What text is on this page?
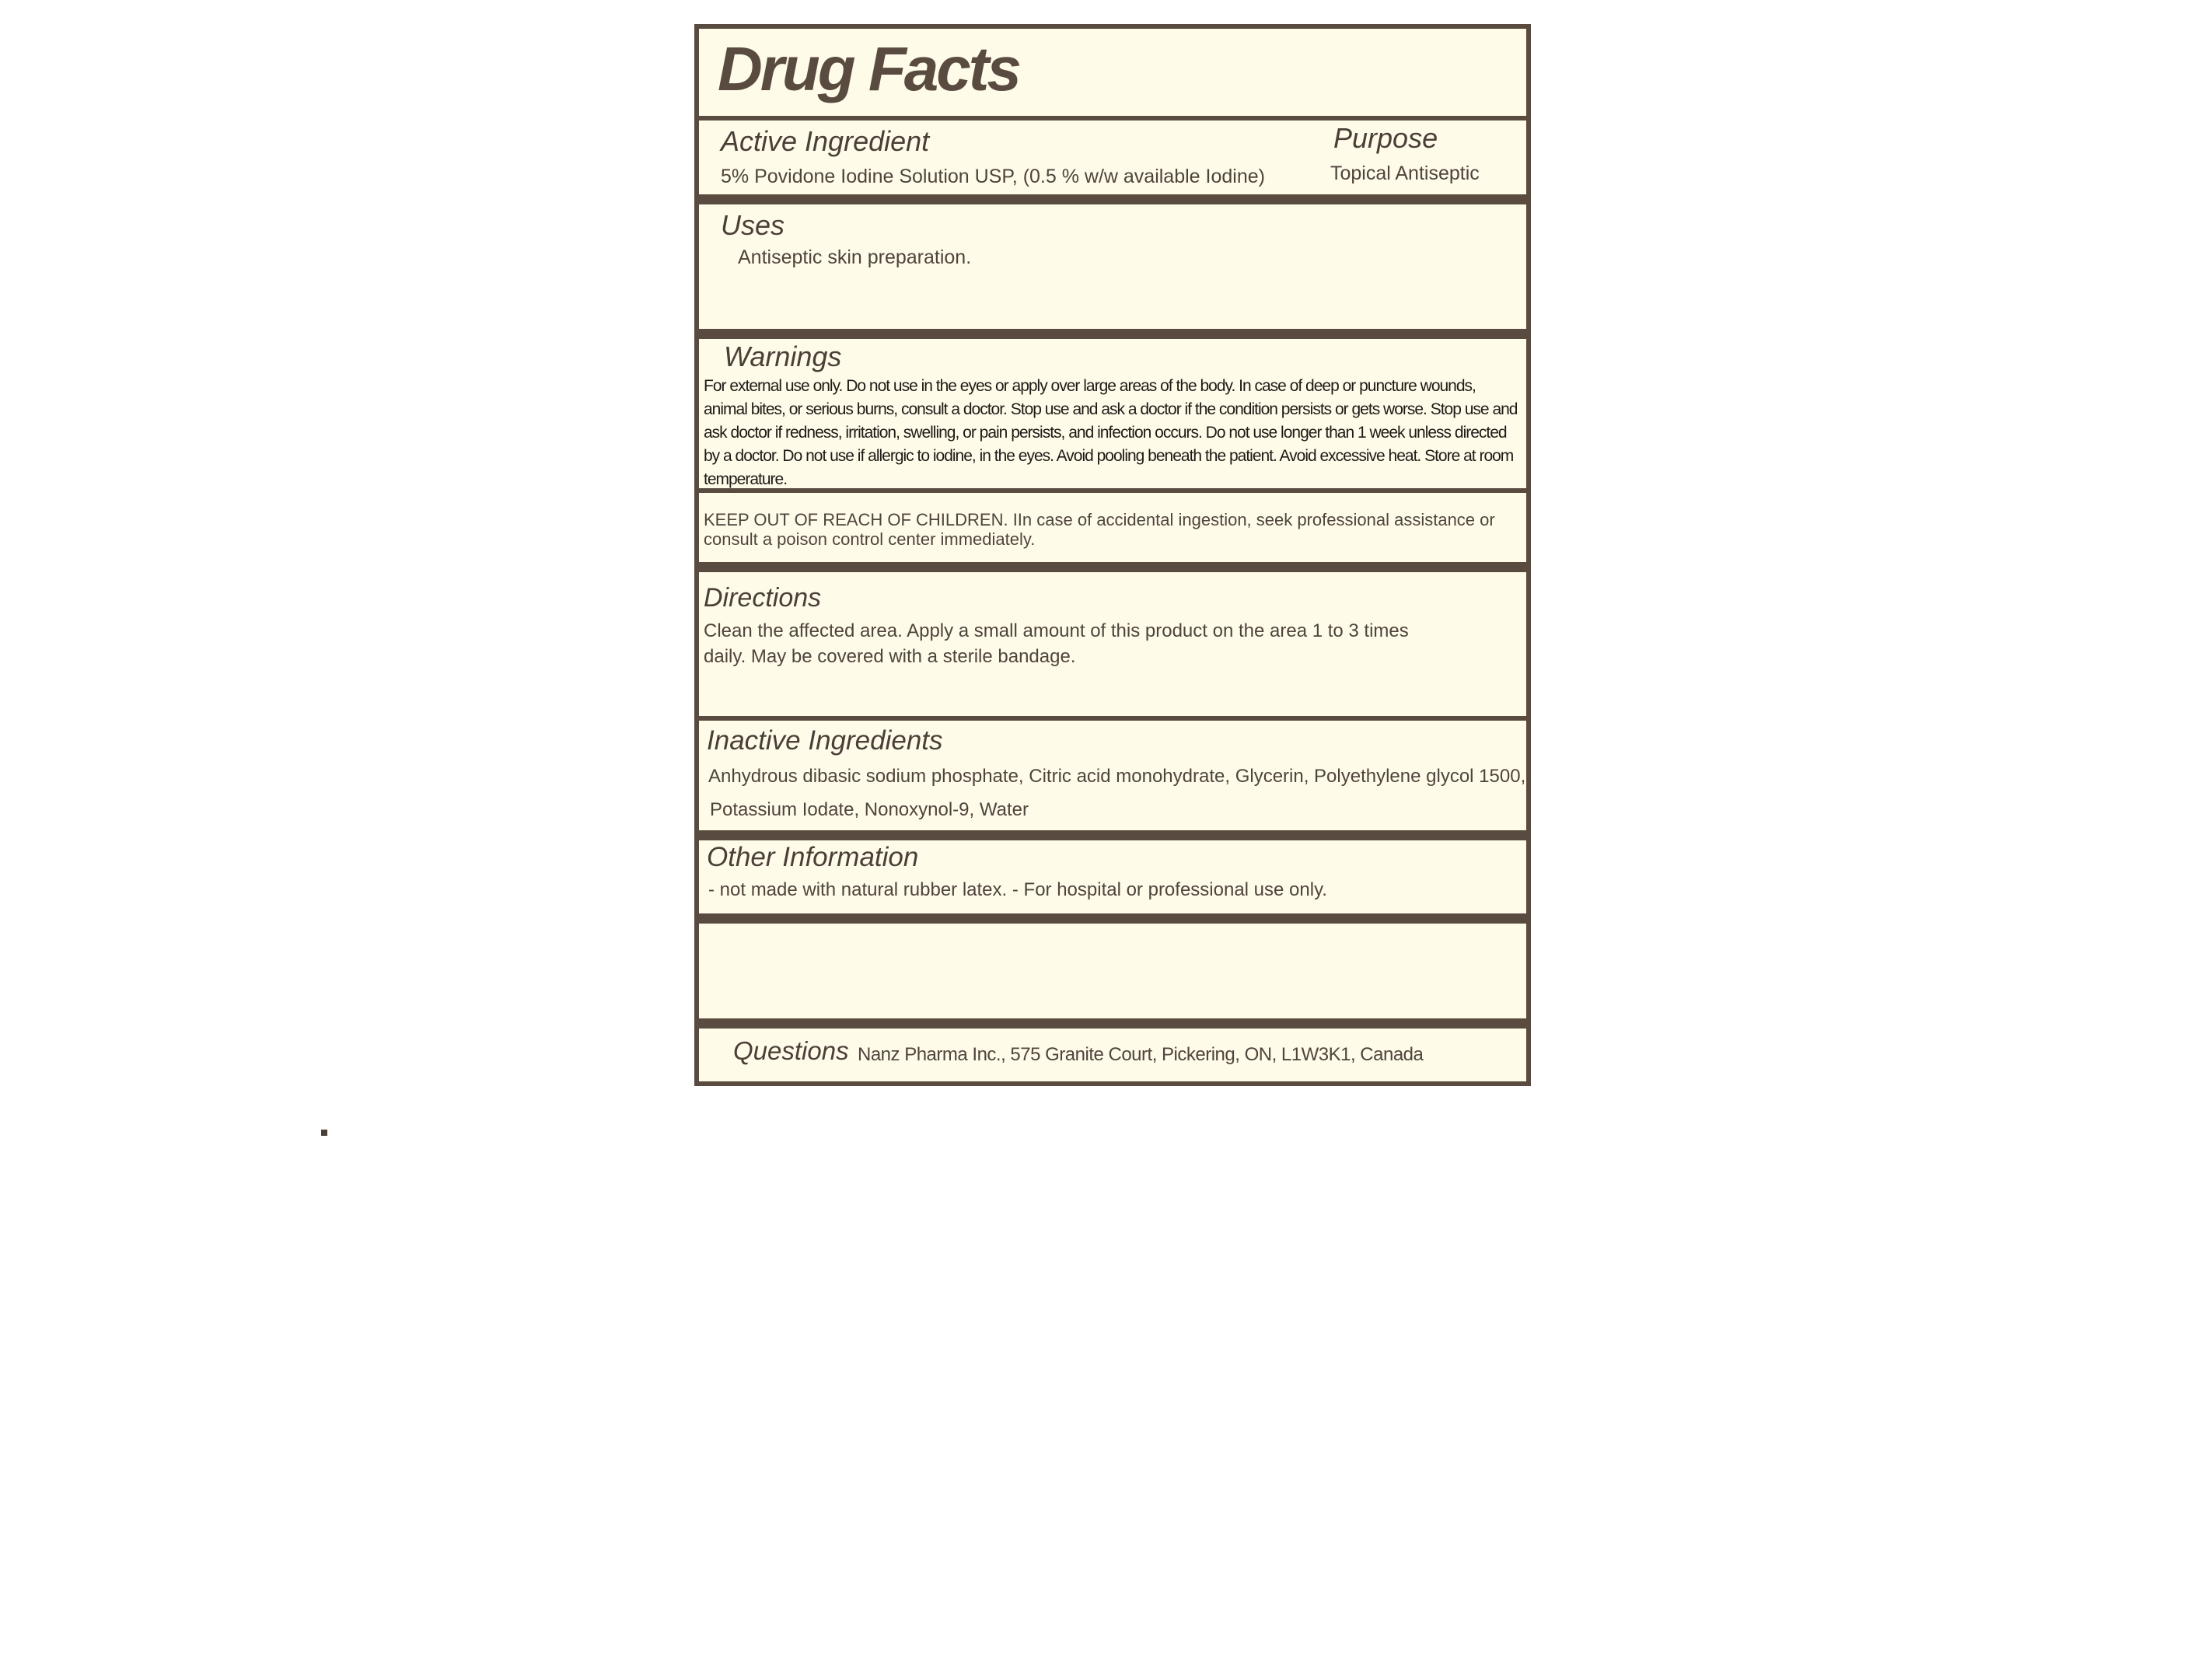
Drug Facts
Active Ingredient
5% Povidone Iodine Solution USP, (0.5 % w/w available Iodine)
Purpose
Topical Antiseptic
Uses
Antiseptic skin preparation.
Warnings
For external use only. Do not use in the eyes or apply over large areas of the body. In case of deep or puncture wounds, animal bites, or serious burns, consult a doctor. Stop use and ask a doctor if the condition persists or gets worse. Stop use and ask doctor if redness, irritation, swelling, or pain persists, and infection occurs. Do not use longer than 1 week unless directed by a doctor. Do not use if allergic to iodine, in the eyes. Avoid pooling beneath the patient. Avoid excessive heat. Store at room temperature.
KEEP OUT OF REACH OF CHILDREN. IIn case of accidental ingestion, seek professional assistance or consult a poison control center immediately.
Directions
Clean the affected area. Apply a small amount of this product on the area 1 to 3 times
daily. May be covered with a sterile bandage.
Inactive Ingredients
Anhydrous dibasic sodium phosphate, Citric acid monohydrate, Glycerin, Polyethylene glycol 1500,
Potassium Iodate, Nonoxynol-9, Water
Other Information
- not made with natural rubber latex. - For hospital or professional use only.
Questions Nanz Pharma Inc., 575 Granite Court, Pickering, ON, L1W3K1, Canada
